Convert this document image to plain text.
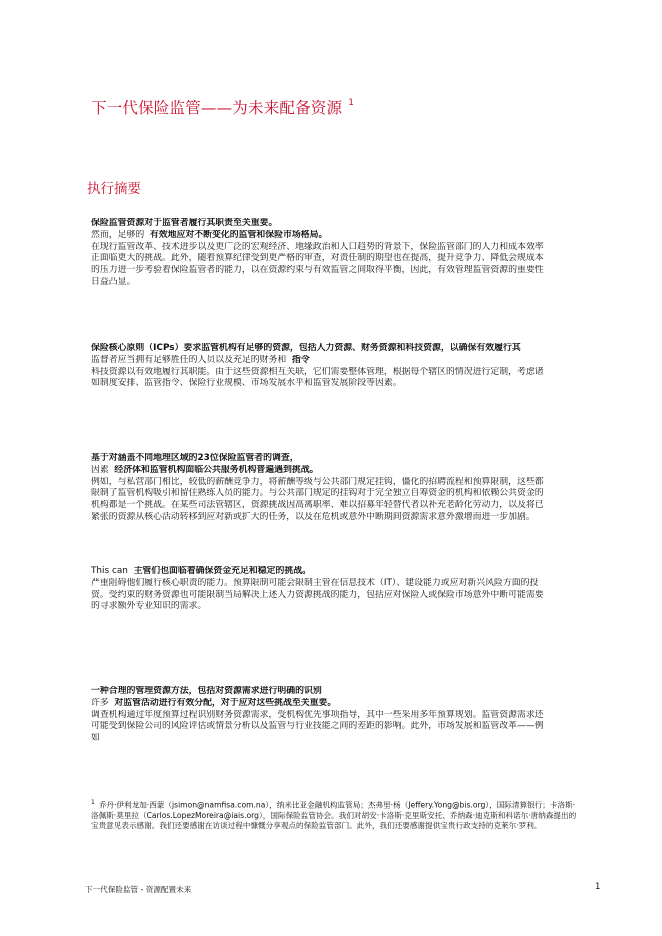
下一代保险监管——为未来配备资源 $^1$
执行摘要
保险监管资源对于监管者履行其职责至关重要。
然而，足够的 有效地应对不断变化的监管和保险市场格局。
在现行监管改革、技术进步以及更广泛的宏观经济、地缘政治和人口趋势的背景下，保险监管部门的人力和成本效率
正面临更大的挑战。此外，随着预算纪律受到更严格的审查，对责任制的期望也在提高，提升竞争力、降低会规成本
的压力进一步考验着保险监管者的能力，以在资源约束与有效监管之间取得平衡，因此，有效管理监管资源的重要性
日益凸显。
保险核心原则（ICPs）要求监管机构有足够的资源，包括人力资源、财务资源和科技资源，以确保有效履行其
监督者应当拥有足够胜任的人员以及充足的财务和 指令
科技资源以有效地履行其职能。由于这些资源相互关联，它们需要整体管理，根据每个辖区的情况进行定制，考虑诸
如制度安排、监管指令、保险行业规模、市场发展水平和监管发展阶段等因素。
基于对涵盖不同地理区域的23位保险监管者的调查，
因素 经济体和监管机构面临公共服务机构普遍遇到挑战。
例如，与私营部门相比，较低的薪酬竞争力，将薪酬等级与公共部门规定挂钩，僵化的招聘流程和预算限制，这些都
限制了监管机构吸引和留住熟练人员的能力。与公共部门规定的挂钩对于完全独立自筹资金的机构和依赖公共资金的
机构都是一个挑战。在某些司法管辖区，资源挑战因高离职率、难以招募年轻替代者以补充老龄化劳动力，以及将已
紧张的资源从核心活动转移到应对新或扩大的任务，以及在危机或意外中断期间资源需求意外激增而进一步加剧。
This can 主管们也面临着确保资金充足和稳定的挑战。
严重阻碍他们履行核心职责的能力。预算限制可能会限制主管在信息技术（IT）、建设能力或应对新兴风险方面的投
资。受约束的财务资源也可能限制当局解决上述人力资源挑战的能力，包括应对保险人或保险市场意外中断可能需要
的寻求额外专业知识的需求。
一种合理的管理资源方法，包括对资源需求进行明确的识别
许多 对监管活动进行有效分配，对于应对这些挑战至关重要。
调查机构通过年度预算过程识别财务资源需求，受机构优先事项指导，其中一些采用多年预算规划。监管资源需求还
可能受到保险公司的风险评估或情景分析以及监管与行业技能之间的差距的影响。此外，市场发展和监管改革——例
如
$^1$ 乔丹·伊利龙加·西蒙（jsimon@namfisa.com.na），纳米比亚金融机构监管局；杰弗里·杨（Jeffery.Yong@bis.org），国际清算银行；卡洛斯·
洛佩斯·莫里拉（Carlos.LopezMoreira@iais.org），国际保险监管协会。我们对胡安·卡洛斯·克里斯安托、乔纳森·迪克斯和科诺尔·唐纳森提出的
宝贵意见表示感谢。我们还要感谢在访谈过程中慷慨分享观点的保险监管部门。此外，我们还要感谢提供宝贵行政支持的克莱尔·罗利。
下一代保险监管 - 资源配置未来	1
